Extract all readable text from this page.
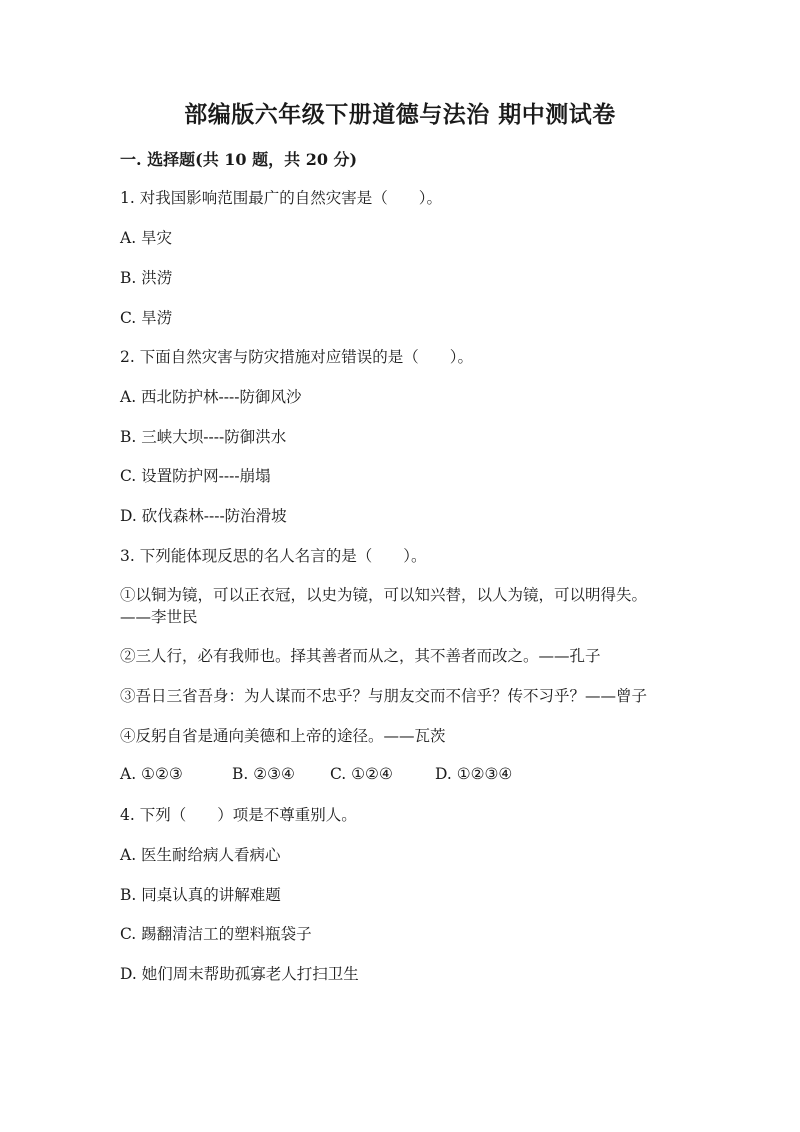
部编版六年级下册道德与法治 期中测试卷
一. 选择题(共 10 题，共 20 分)
1. 对我国影响范围最广的自然灾害是（　　）。
A. 旱灾
B. 洪涝
C. 旱涝
2. 下面自然灾害与防灾措施对应错误的是（　　）。
A. 西北防护林----防御风沙
B. 三峡大坝----防御洪水
C. 设置防护网----崩塌
D. 砍伐森林----防治滑坡
3. 下列能体现反思的名人名言的是（　　）。
①以铜为镜，可以正衣冠，以史为镜，可以知兴替，以人为镜，可以明得失。
——李世民
②三人行，必有我师也。择其善者而从之，其不善者而改之。——孔子
③吾日三省吾身：为人谋而不忠乎？与朋友交而不信乎？传不习乎？——曾子
④反躬自省是通向美德和上帝的途径。——瓦茨
A. ①②③	B. ②③④ C. ①②④	D. ①②③④
4. 下列（　　）项是不尊重别人。
A. 医生耐给病人看病心
B. 同桌认真的讲解难题
C. 踢翻清洁工的塑料瓶袋子
D. 她们周末帮助孤寡老人打扫卫生
